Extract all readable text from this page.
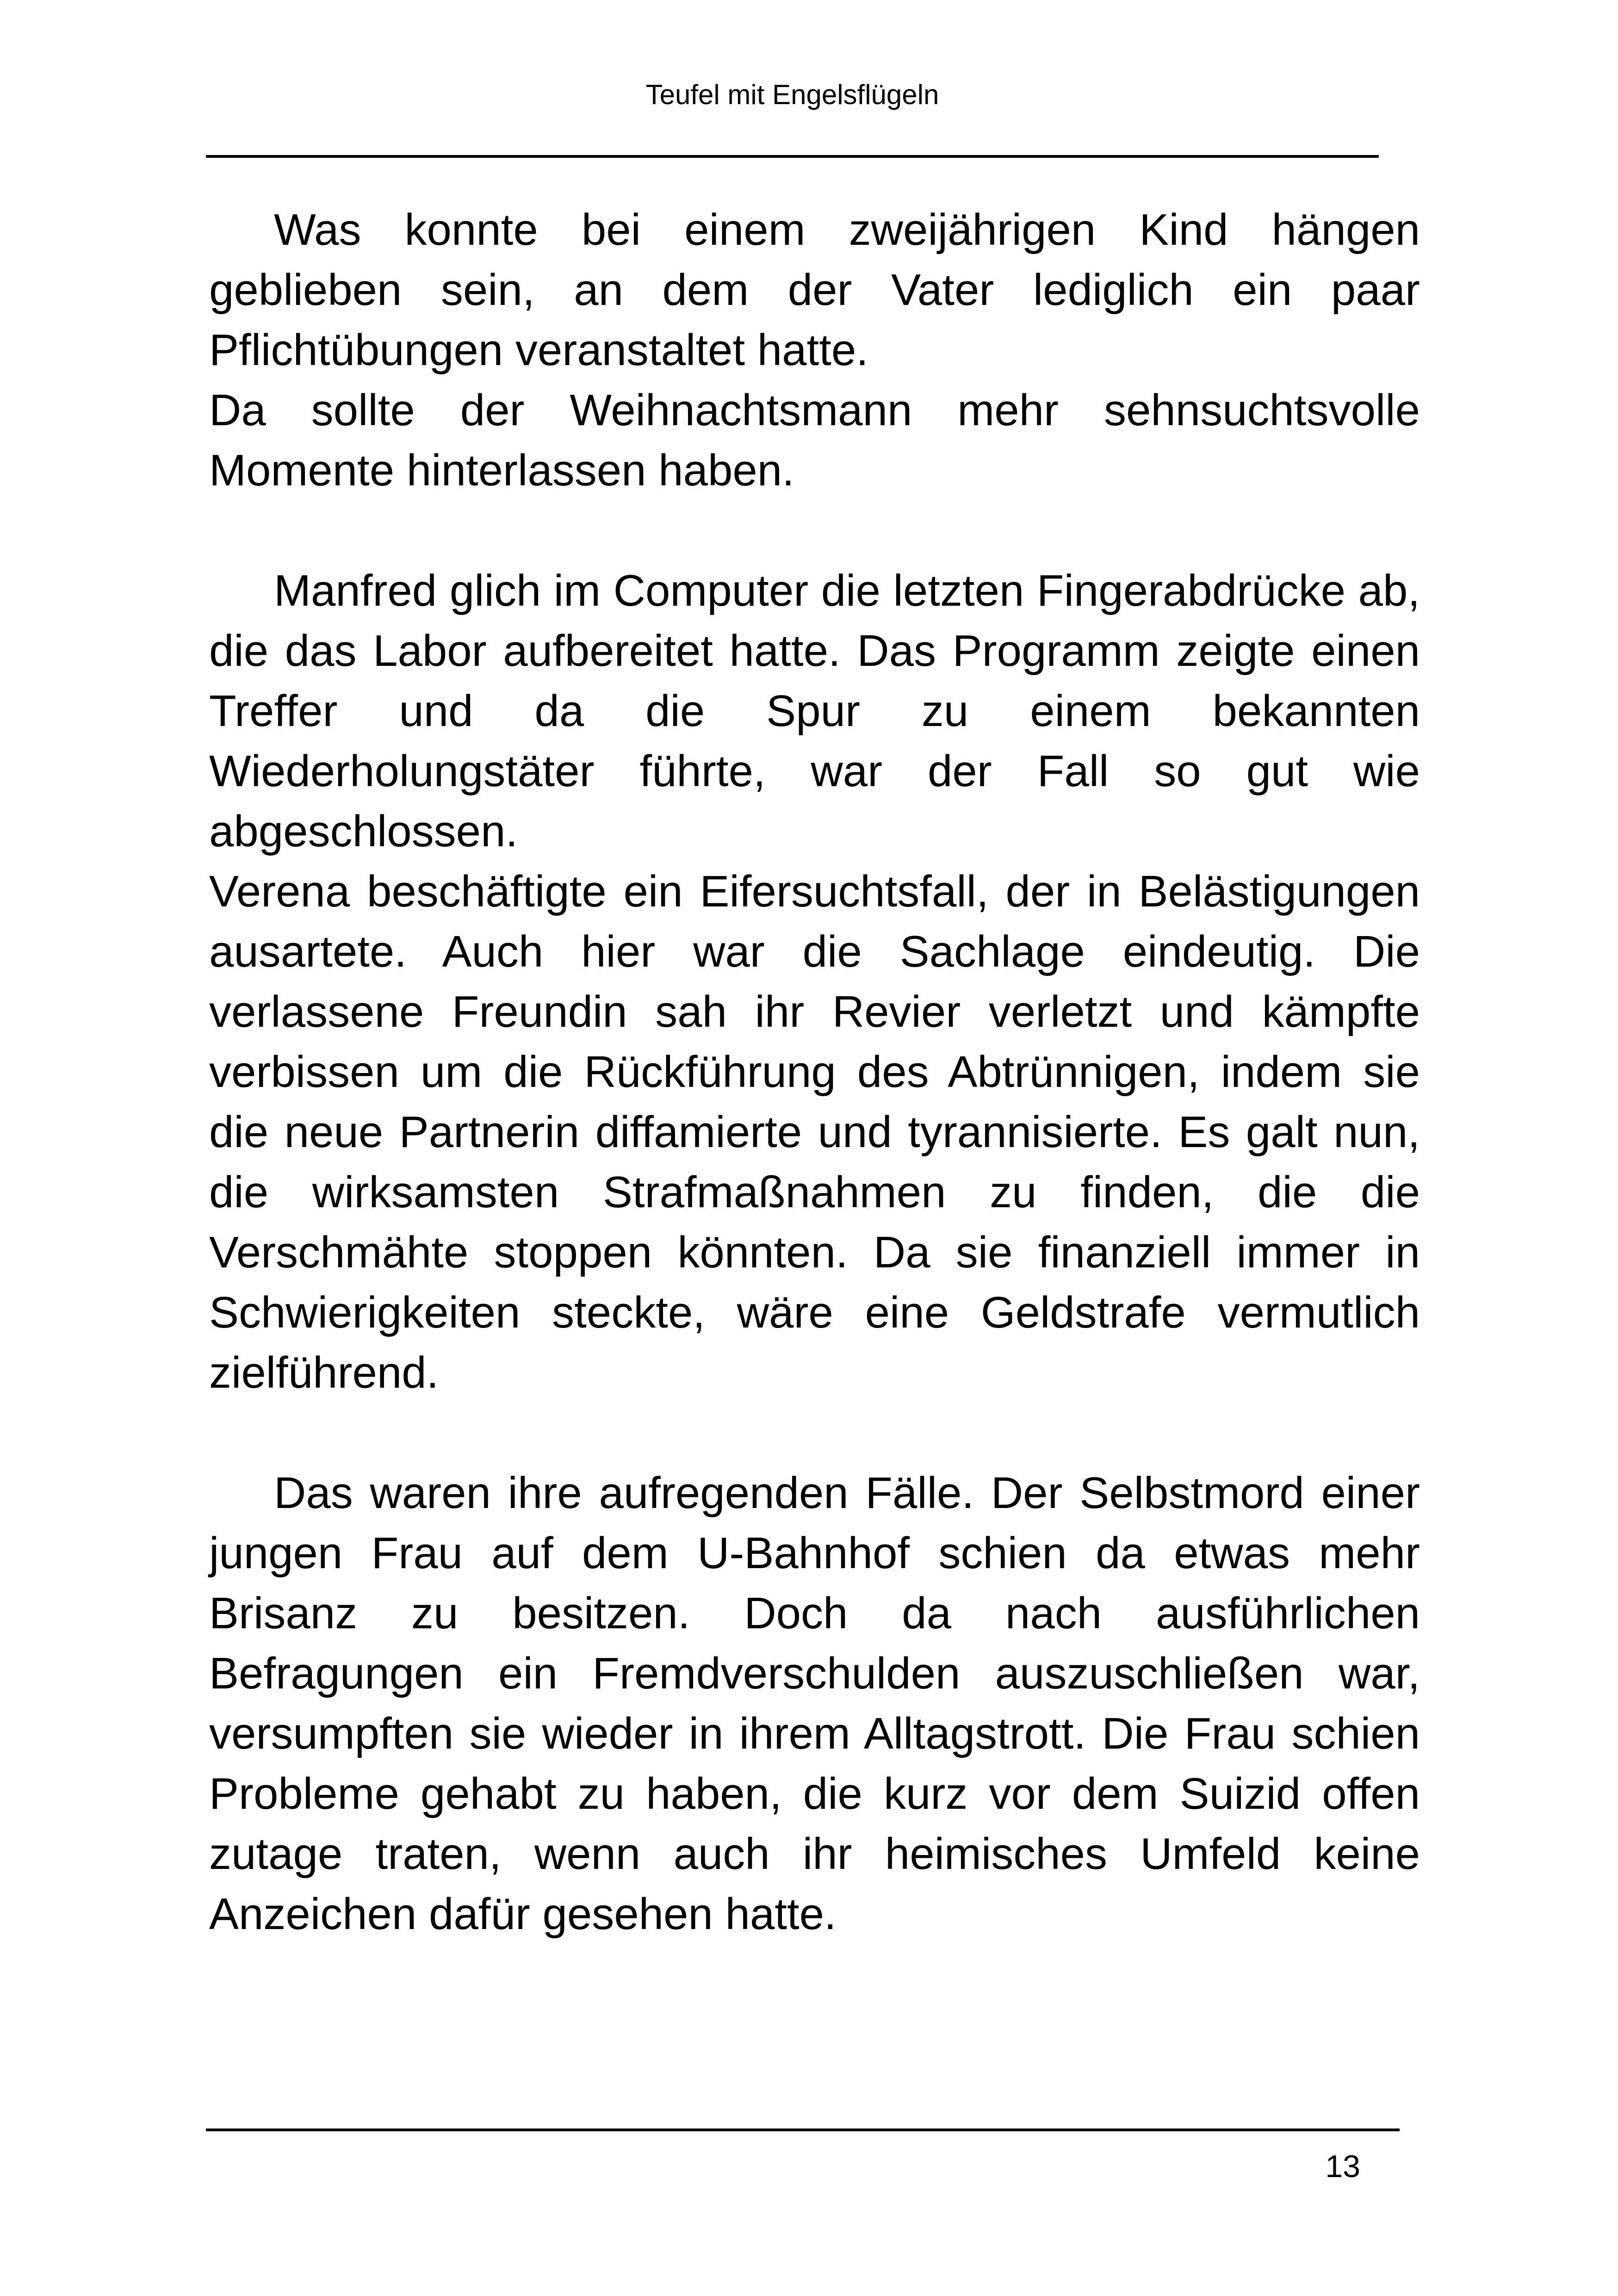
Teufel mit Engelsflügeln

Was konnte bei einem zweijährigen Kind hängen geblieben sein, an dem der Vater lediglich ein paar Pflichtübungen veranstaltet hatte.

Da sollte der Weihnachtsmann mehr sehnsuchtsvolle Momente hinterlassen haben.

Manfred glich im Computer die letzten Fingerabdrücke ab, die das Labor aufbereitet hatte. Das Programm zeigte einen Treffer und da die Spur zu einem bekannten Wiederholungstäter führte, war der Fall so gut wie abgeschlossen.

Verena beschäftigte ein Eifersuchtsfall, der in Belästigungen ausartete. Auch hier war die Sachlage eindeutig. Die verlassene Freundin sah ihr Revier verletzt und kämpfte verbissen um die Rückführung des Abtrünnigen, indem sie die neue Partnerin diffamierte und tyrannisierte. Es galt nun, die wirksamsten Strafmaßnahmen zu finden, die die Verschmähte stoppen könnten. Da sie finanziell immer in Schwierigkeiten steckte, wäre eine Geldstrafe vermutlich zielführend.

Das waren ihre aufregenden Fälle. Der Selbstmord einer jungen Frau auf dem U-Bahnhof schien da etwas mehr Brisanz zu besitzen. Doch da nach ausführlichen Befragungen ein Fremdverschulden auszuschließen war, versumpften sie wieder in ihrem Alltagstrott. Die Frau schien Probleme gehabt zu haben, die kurz vor dem Suizid offen zutage traten, wenn auch ihr heimisches Umfeld keine Anzeichen dafür gesehen hatte.

13
